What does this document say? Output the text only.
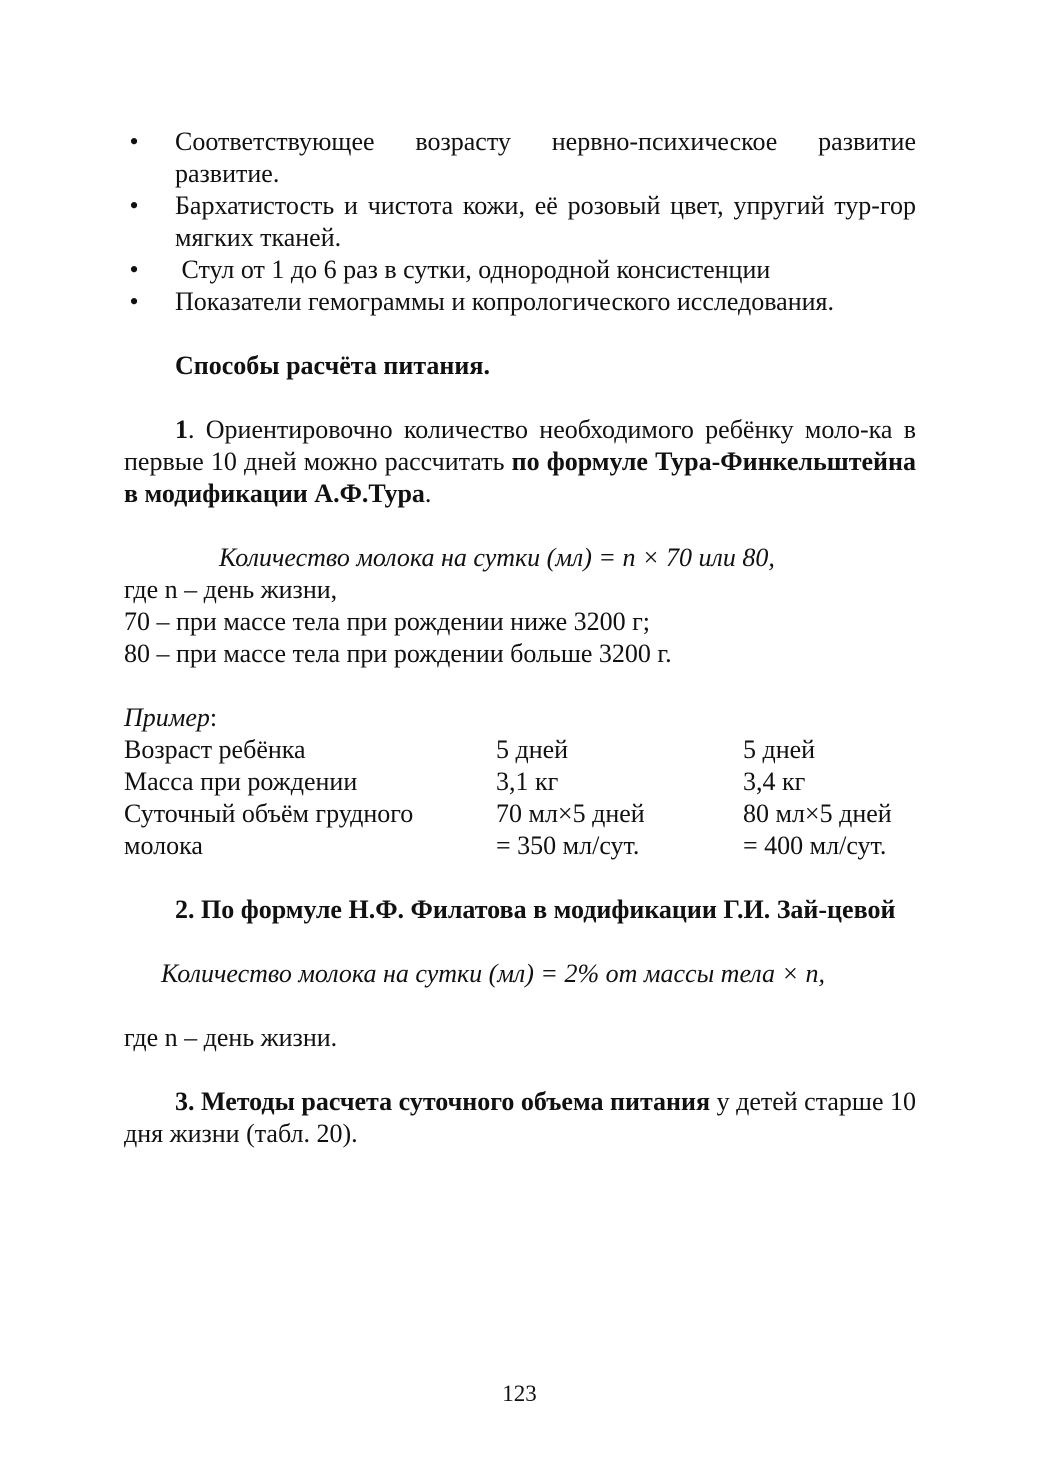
• Соответствующее возрасту нервно-психическое развитие развитие.
• Бархатистость и чистота кожи, её розовый цвет, упругий тур-гор мягких тканей.
• Стул от 1 до 6 раз в сутки, однородной консистенции
• Показатели гемограммы и копрологического исследования.
Способы расчёта питания.
1. Ориентировочно количество необходимого ребёнку моло-ка в первые 10 дней можно рассчитать по формуле Тура-Финкельштейна в модификации А.Ф.Тура.
Количество молока на сутки (мл) = n × 70 или 80,
где n – день жизни,
70 – при массе тела при рождении ниже 3200 г;
80 – при массе тела при рождении больше 3200 г.
Пример:
Возраст ребёнка	5 дней	5 дней
Масса при рождении	3,1 кг	3,4 кг
Суточный объём грудного	70 мл×5 дней	80 мл×5 дней
молока	= 350 мл/сут.	= 400 мл/сут.
2. По формуле Н.Ф. Филатова в модификации Г.И. Зай-цевой
Количество молока на сутки (мл) = 2% от массы тела × n,
где n – день жизни.
3. Методы расчета суточного объема питания у детей старше 10 дня жизни (табл. 20).
123
